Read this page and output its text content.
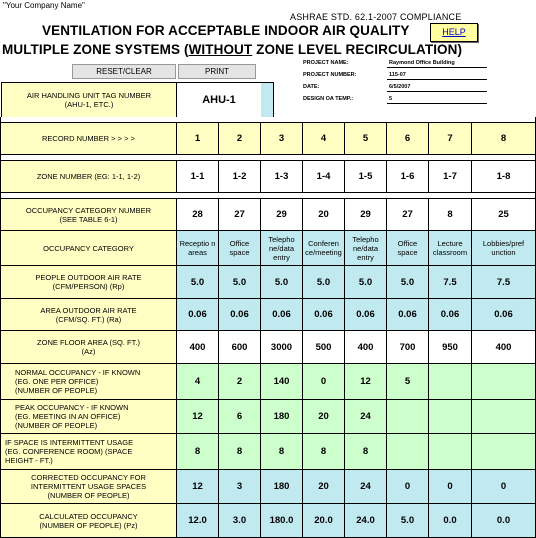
"Your Company Name"
ASHRAE STD. 62.1-2007 COMPLIANCE
VENTILATION FOR ACCEPTABLE INDOOR AIR QUALITY
MULTIPLE ZONE SYSTEMS (WITHOUT ZONE LEVEL RECIRCULATION)
HELP
RESET/CLEAR	PRINT
PROJECT NAME:	Raymond Office Building
PROJECT NUMBER:	115-07
DATE:	6/5/2007
DESIGN OA TEMP.:	5
AIR HANDLING UNIT TAG NUMBER
(AHU-1, ETC.)	AHU-1

RECORD NUMBER > > > >	1	2	3	4	5	6	7	8

ZONE NUMBER (EG: 1-1, 1-2)	1-1	1-2	1-3	1-4	1-5	1-6	1-7	1-8

OCCUPANCY CATEGORY NUMBER
(SEE TABLE 6-1)	28	27	29	20	29	27	8	25
OCCUPANCY CATEGORY	Receptio n areas	Office space	Telepho ne/data entry	Conferen ce/meeting	Telepho ne/data entry	Office space	Lecture classroom	Lobbies/pref unction

PEOPLE OUTDOOR AIR RATE
(CFM/PERSON) (Rp)	5.0	5.0	5.0	5.0	5.0	5.0	7.5	7.5

AREA OUTDOOR AIR RATE
(CFM/SQ. FT.) (Ra)	0.06	0.06	0.06	0.06	0.06	0.06	0.06	0.06

ZONE FLOOR AREA (SQ. FT.)
(Az)	400	600	3000	500	400	700	950	400

NORMAL OCCUPANCY - IF KNOWN
(EG. ONE PER OFFICE)
(NUMBER OF PEOPLE)	4	2	140	0	12	5		

PEAK OCCUPANCY - IF KNOWN
(EG. MEETING IN AN OFFICE)
(NUMBER OF PEOPLE)	12	6	180	20	24			

IF SPACE IS INTERMITTENT USAGE
(EG. CONFERENCE ROOM) (SPACE
HEIGHT - FT.)	8	8	8	8	8			

CORRECTED OCCUPANCY FOR
INTERMITTENT USAGE SPACES
(NUMBER OF PEOPLE)	12	3	180	20	24	0	0	0

CALCULATED OCCUPANCY
(NUMBER OF PEOPLE) (Pz)	12.0	3.0	180.0	20.0	24.0	5.0	0.0	0.0
